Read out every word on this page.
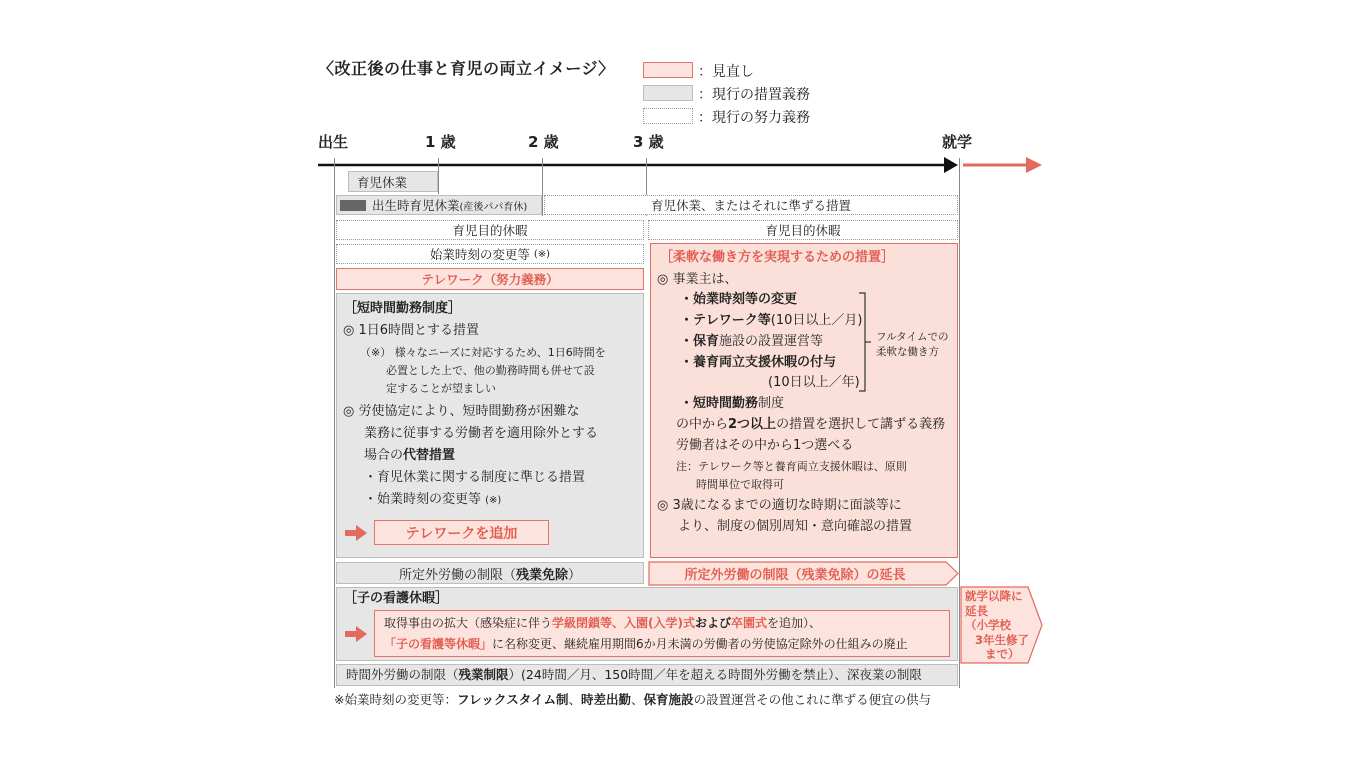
〈改正後の仕事と育児の両立イメージ〉	：見直し
：現行の措置義務
：現行の努力義務
出生	1 歳	2 歳	3 歳	就学
育児休業
出生時育児休業 (産後パパ育休)	育児休業、またはそれに準ずる措置
育児目的休暇	育児目的休暇
始業時刻の変更等
(※)
テレワーク（努力義務）
［短時間勤務制度］
◎ 1日6時間とする措置
（※） 様々なニーズに対応するため、1日6時間を
必置とした上で、他の勤務時間も併せて設
定することが望ましい
◎ 労使協定により、短時間勤務が困難な
業務に従事する労働者を適用除外とする
場合の代替措置
・育児休業に関する制度に準じる措置
・始業時刻の変更等 (※)
テレワークを追加
［柔軟な働き方を実現するための措置］
◎ 事業主は、
・始業時刻等の変更
・テレワーク等(10日以上／月)
・保育施設の設置運営等
・養育両立支援休暇の付与
(10日以上／年)
フルタイムでの
柔軟な働き方
・短時間勤務制度
の中から2つ以上の措置を選択して講ずる義務
労働者はその中から1つ選べる
注：テレワーク等と養育両立支援休暇は、原則
時間単位で取得可
◎ 3歳になるまでの適切な時期に面談等に
より、制度の個別周知・意向確認の措置
所定外労働の制限（ 残業免除 ）	所定外労働の制限（残業免除）の延長
［子の看護休暇］
取得事由の拡大（感染症に伴う学級閉鎖等、入園(入学)式および卒園式を追加）、
「子の看護等休暇」に名称変更、継続雇用期間6か月未満の労働者の労使協定除外の仕組みの廃止
就学以降に
延長
（小学校
3年生修了
まで）
時間外労働の制限（残業制限）(24時間／月、150時間／年を超える時間外労働を禁止）、深夜業の制限
※始業時刻の変更等：フレックスタイム制、時差出勤、保育施設の設置運営その他これに準ずる便宜の供与
